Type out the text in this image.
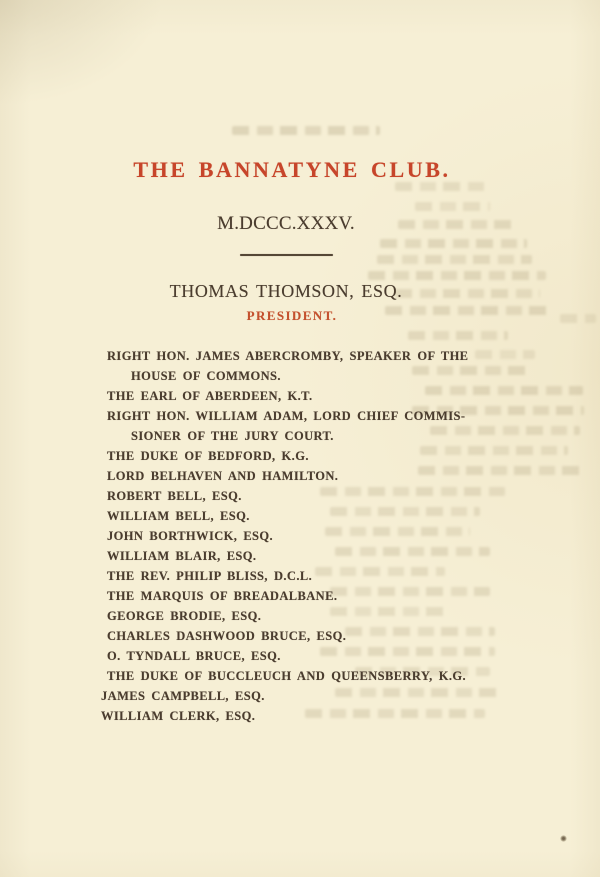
THE BANNATYNE CLUB.
M.DCCC.XXXV.
THOMAS THOMSON, ESQ.
PRESIDENT.
RIGHT HON. JAMES ABERCROMBY, SPEAKER OF THE
HOUSE OF COMMONS.
THE EARL OF ABERDEEN, K.T.
RIGHT HON. WILLIAM ADAM, LORD CHIEF COMMIS-
SIONER OF THE JURY COURT.
THE DUKE OF BEDFORD, K.G.
LORD BELHAVEN AND HAMILTON.
ROBERT BELL, ESQ.
WILLIAM BELL, ESQ.
JOHN BORTHWICK, ESQ.
WILLIAM BLAIR, ESQ.
THE REV. PHILIP BLISS, D.C.L.
THE MARQUIS OF BREADALBANE.
GEORGE BRODIE, ESQ.
CHARLES DASHWOOD BRUCE, ESQ.
O. TYNDALL BRUCE, ESQ.
THE DUKE OF BUCCLEUCH AND QUEENSBERRY, K.G.
JAMES CAMPBELL, ESQ.
WILLIAM CLERK, ESQ.
